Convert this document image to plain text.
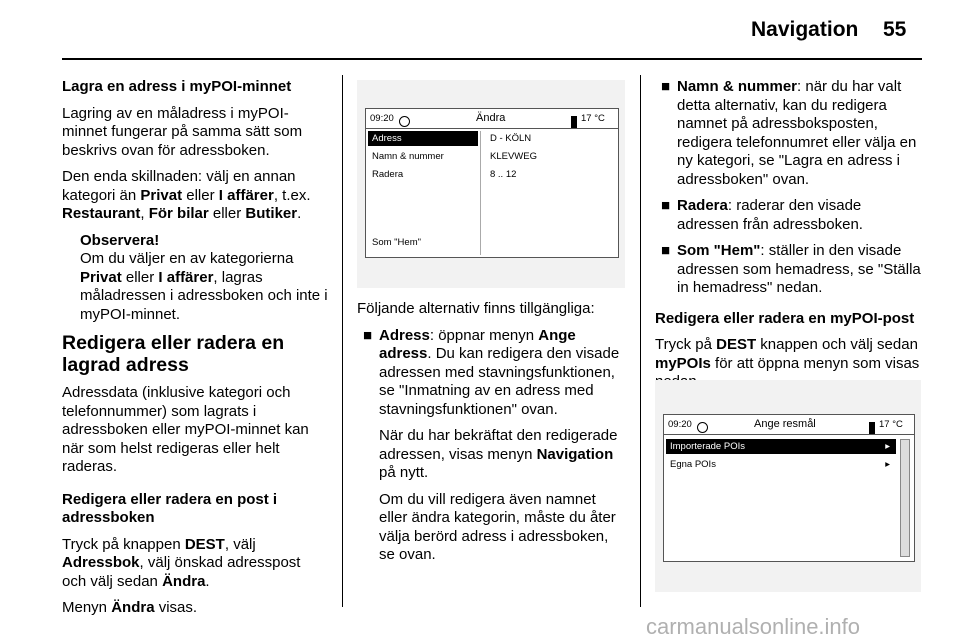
Navigation 55

Lagra en adress i myPOI-minnet

Lagring av en måladress i myPOI-minnet fungerar på samma sätt som beskrivs ovan för adressboken.

Den enda skillnaden: välj en annan kategori än Privat eller I affärer, t.ex. Restaurant, För bilar eller Butiker.

Observera!

Om du väljer en av kategorierna Privat eller I affärer, lagras måladressen i adressboken och inte i myPOI-minnet.

Redigera eller radera en lagrad adress

Adressdata (inklusive kategori och telefonnummer) som lagrats i adressboken eller myPOI-minnet kan när som helst redigeras eller helt raderas.

Redigera eller radera en post i adressboken

Tryck på knappen DEST, välj Adressbok, välj önskad adresspost och välj sedan Ändra.

Menyn Ändra visas.

09:20	Ändra	17 °C
Adress
Namn & nummer
Radera
Som "Hem"
D - KÖLN
KLEVWEG
8 .. 12

Följande alternativ finns tillgängliga:

■ Adress: öppnar menyn Ange adress. Du kan redigera den visade adressen med stavningsfunktionen, se "Inmatning av en adress med stavningsfunktionen" ovan.

När du har bekräftat den redigerade adressen, visas menyn Navigation på nytt.

Om du vill redigera även namnet eller ändra kategorin, måste du åter välja berörd adress i adressboken, se ovan.

■ Namn & nummer: när du har valt detta alternativ, kan du redigera namnet på adressboksposten, redigera telefonnumret eller välja en ny kategori, se "Lagra en adress i adressboken" ovan.

■ Radera: raderar den visade adressen från adressboken.

■ Som "Hem": ställer in den visade adressen som hemadress, se "Ställa in hemadress" nedan.

Redigera eller radera en myPOI-post

Tryck på DEST knappen och välj sedan myPOIs för att öppna menyn som visas

09:20	Ange resmål	17 °C
Importerade POIs	▸
Egna POIs	▸
carmanualsonline.info
